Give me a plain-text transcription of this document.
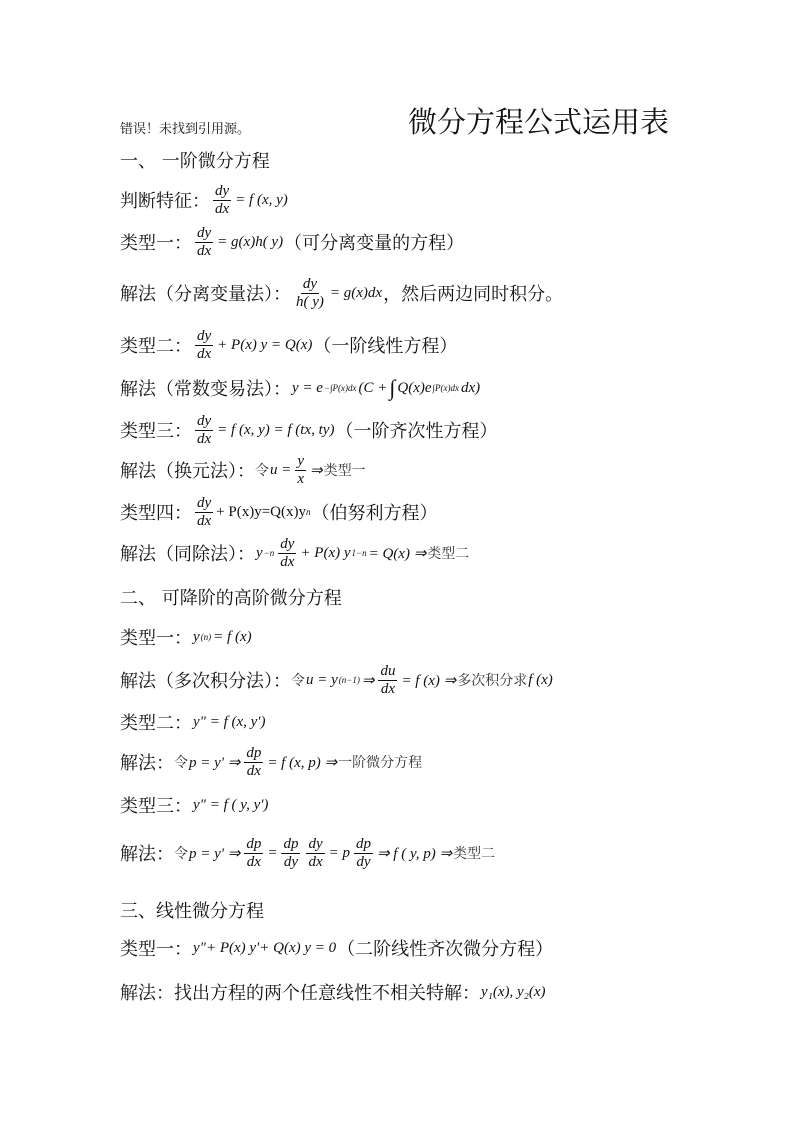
错误！未找到引用源。	微分方程公式运用表
一、 一阶微分方程
判断特征： $\frac{dy}{dx} = f$ (x, y)
类型一： $\frac{dy}{dx} = g(x)h$( y) （可分离变量的方程）
解法（分离变量法）： $\frac{dy}{h( y)} = g(x)dx$ ，然后两边同时积分。
类型二： $\frac{dy}{dx} + P(x) y = Q(x)$ （一阶线性方程）
解法（常数变易法）： y = e −∫P(x)dx (C + ∫ Q(x)e ∫P(x)dx dx)
类型三： $\frac{dy}{dx} = f$ (x, y) = f (tx, ty) （一阶齐次性方程）
解法（换元法）： 令 $u = \frac{y}{x}$ ⇒ 类型一
类型四： $\frac{dy}{dx} + P(x)y=Q(x)y$ n （伯努利方程）
解法（同除法）： $y -n \frac{dy}{dx} + P(x)$ y 1−n = Q(x) ⇒ 类型二
二、 可降阶的高阶微分方程
类型一： y (n) = f (x)
解法（多次积分法）： 令 u = y (n−1) ⇒ $\frac{du}{dx} = f$ (x) ⇒ 多次积分求 f (x)
类型二： y" = f (x, y')
解法： 令 p = y' ⇒ $\frac{dp}{dx} = f$ (x, p) ⇒ 一阶微分方程
类型三： y" = f ( y, y')
解法： 令 p = y' ⇒ $\frac{dp}{dx} = \frac{dp}{dy} \frac{dy}{dx} = p \frac{dp}{dy}$ ⇒ f ( y, p) ⇒ 类型二
三、线性微分方程
类型一： y"+ P(x) y'+ Q(x) y = 0 （二阶线性齐次微分方程）
解法：找出方程的两个任意线性不相关特解： y₁(x), y₂(x)
